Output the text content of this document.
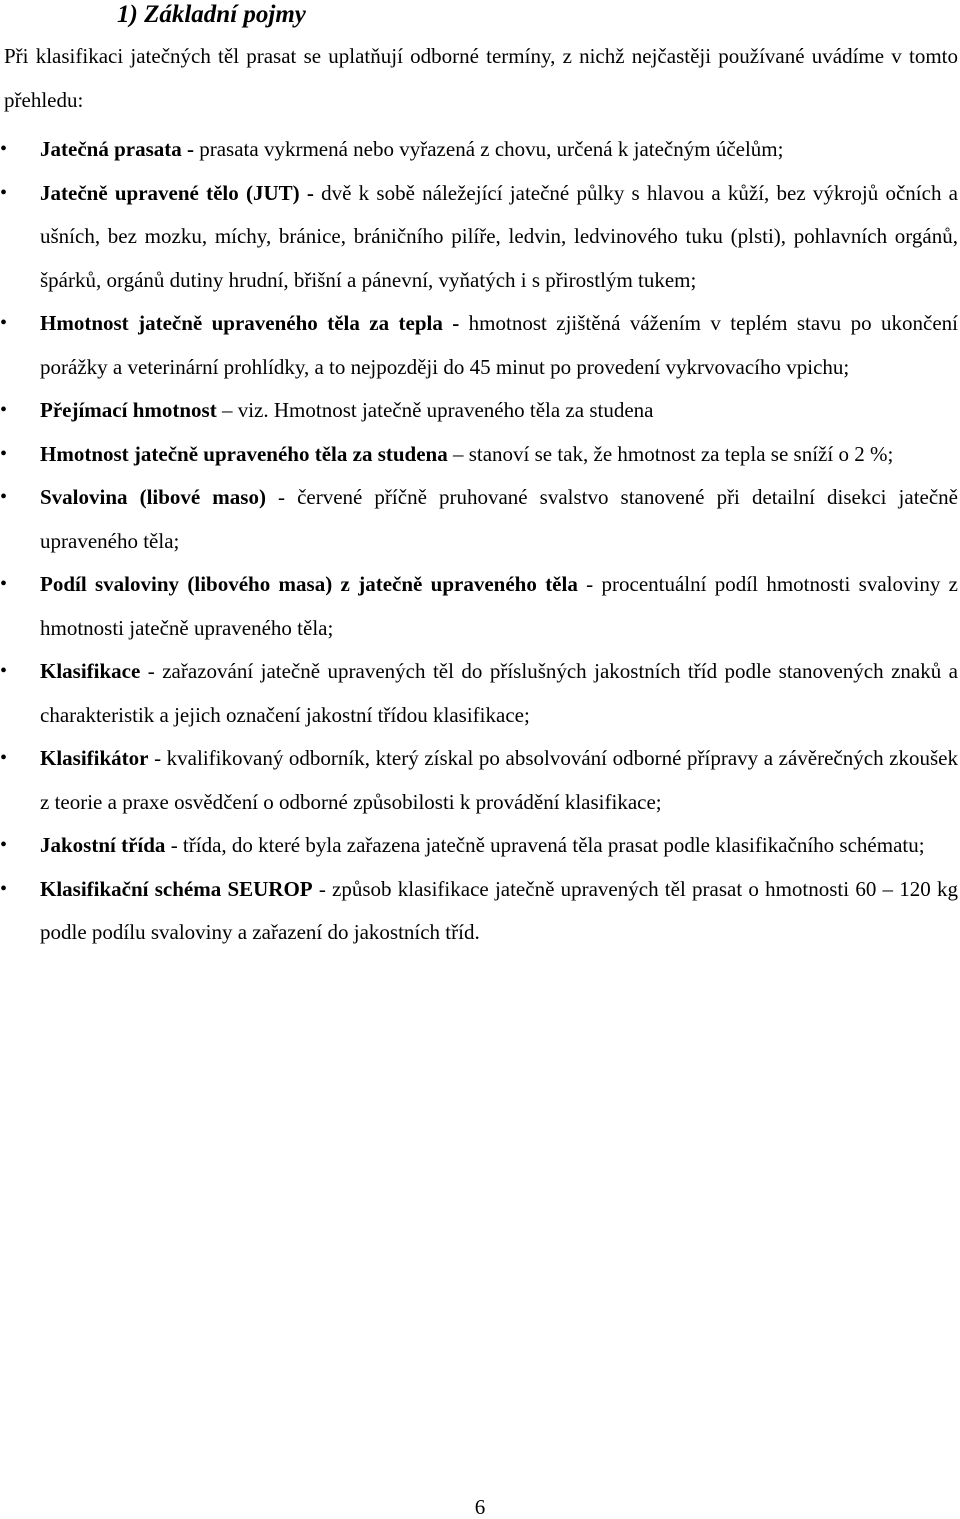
1) Základní pojmy
Při klasifikaci jatečných těl prasat se uplatňují odborné termíny, z nichž nejčastěji používané uvádíme v tomto přehledu:
•	Jatečná prasata - prasata vykrmená nebo vyřazená z chovu, určená k jatečným účelům;
•	Jatečně upravené tělo (JUT) - dvě k sobě náležející jatečné půlky s hlavou a kůží, bez výkrojů očních a ušních, bez mozku, míchy, bránice, bráničního pilíře, ledvin, ledvinového tuku (plsti), pohlavních orgánů, špárků, orgánů dutiny hrudní, břišní a pánevní, vyňatých i s přirostlým tukem;
•	Hmotnost jatečně upraveného těla za tepla - hmotnost zjištěná vážením v teplém stavu po ukončení porážky a veterinární prohlídky, a to nejpozději do 45 minut po provedení vykrvovacího vpichu;
•	Přejímací hmotnost – viz. Hmotnost jatečně upraveného těla za studena
•	Hmotnost jatečně upraveného těla za studena – stanoví se tak, že hmotnost za tepla se sníží o 2 %;
•	Svalovina (libové maso) - červené příčně pruhované svalstvo stanovené při detailní disekci jatečně upraveného těla;
•	Podíl svaloviny (libového masa) z jatečně upraveného těla - procentuální podíl hmotnosti svaloviny z hmotnosti jatečně upraveného těla;
•	Klasifikace - zařazování jatečně upravených těl do příslušných jakostních tříd podle stanovených znaků a charakteristik a jejich označení jakostní třídou klasifikace;
•	Klasifikátor - kvalifikovaný odborník, který získal po absolvování odborné přípravy a závěrečných zkoušek z teorie a praxe osvědčení o odborné způsobilosti k provádění klasifikace;
•	Jakostní třída - třída, do které byla zařazena jatečně upravená těla prasat podle klasifikačního schématu;
•	Klasifikační schéma SEUROP - způsob klasifikace jatečně upravených těl prasat o hmotnosti 60 – 120 kg podle podílu svaloviny a zařazení do jakostních tříd.
6
